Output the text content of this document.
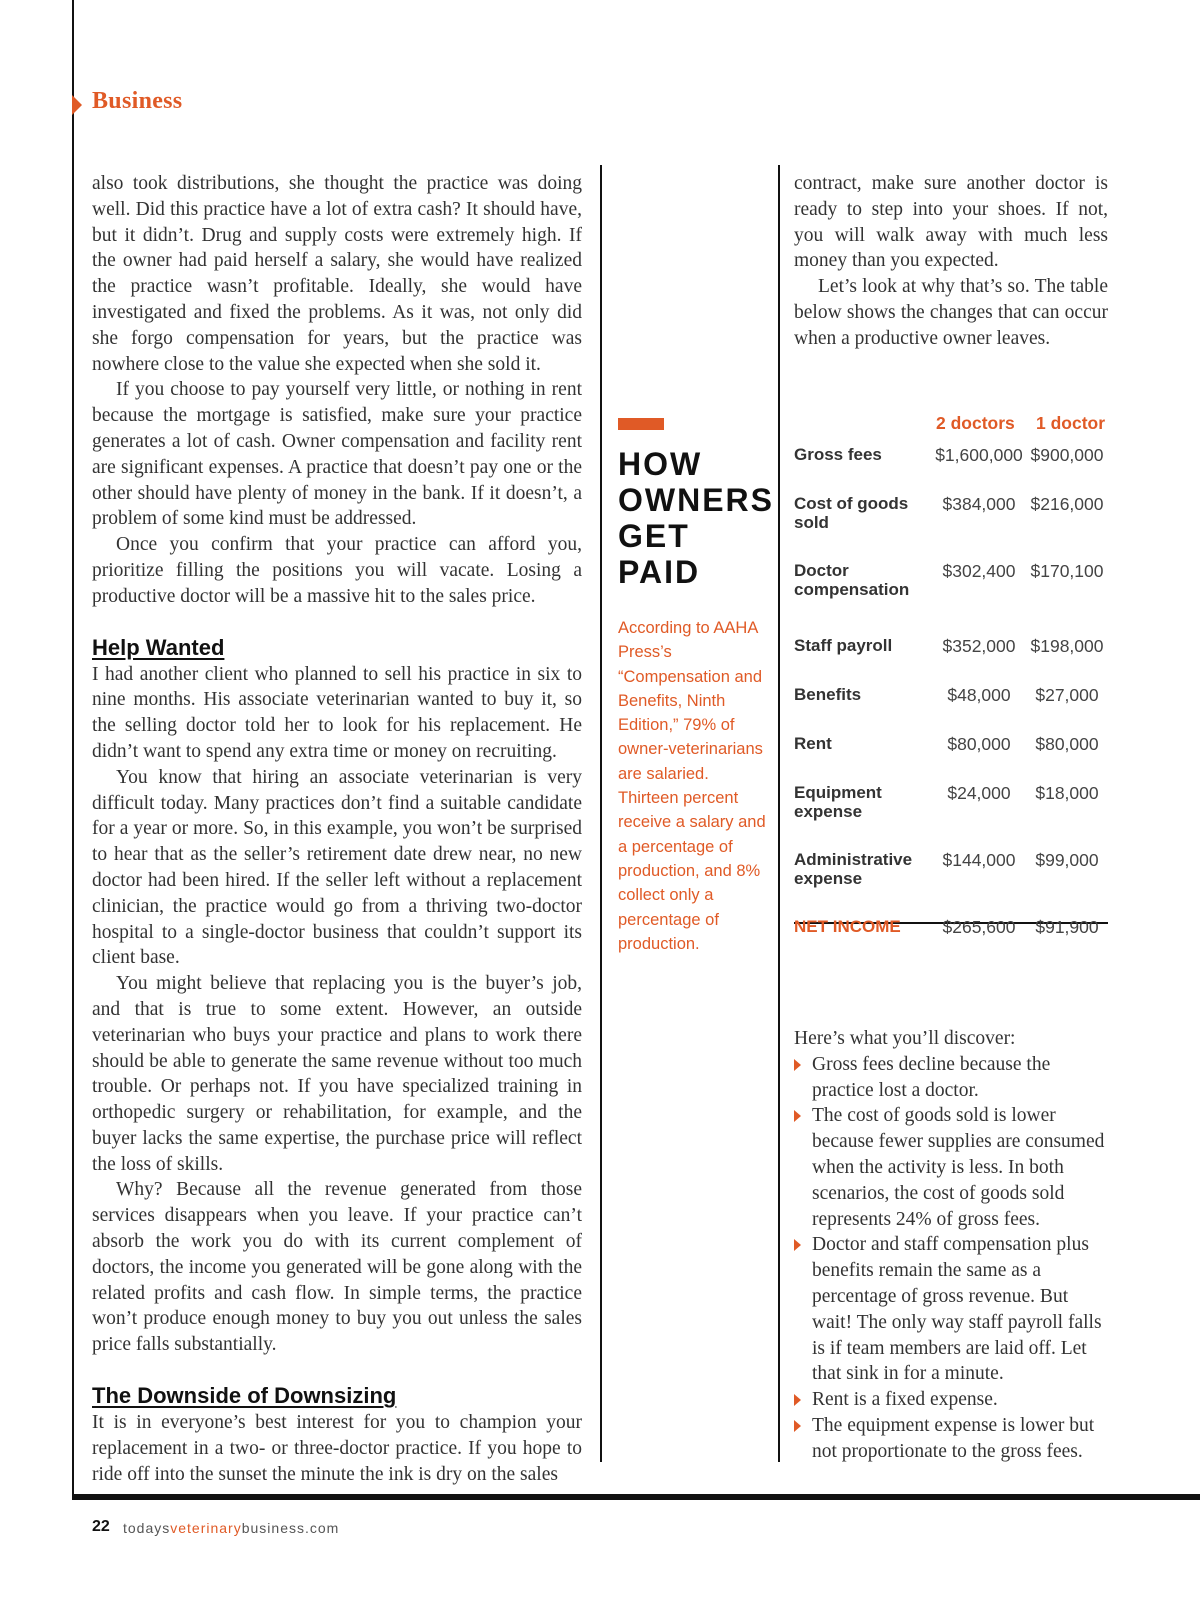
Business

also took distributions, she thought the practice was doing well. Did this practice have a lot of extra cash? It should have, but it didn’t. Drug and supply costs were extremely high. If the owner had paid herself a salary, she would have realized the practice wasn’t profitable. Ideally, she would have investigated and fixed the problems. As it was, not only did she forgo compensation for years, but the practice was nowhere close to the value she expected when she sold it.

If you choose to pay yourself very little, or nothing in rent because the mortgage is satisfied, make sure your practice generates a lot of cash. Owner compensation and facility rent are significant expenses. A practice that doesn’t pay one or the other should have plenty of money in the bank. If it doesn’t, a problem of some kind must be addressed.

Once you confirm that your practice can afford you, prioritize filling the positions you will vacate. Losing a productive doctor will be a massive hit to the sales price.

Help Wanted

I had another client who planned to sell his practice in six to nine months. His associate veterinarian wanted to buy it, so the selling doctor told her to look for his replacement. He didn’t want to spend any extra time or money on recruiting.

You know that hiring an associate veterinarian is very difficult today. Many practices don’t find a suitable candidate for a year or more. So, in this example, you won’t be surprised to hear that as the seller’s retirement date drew near, no new doctor had been hired. If the seller left without a replacement clinician, the practice would go from a thriving two-doctor hospital to a single-doctor business that couldn’t support its client base.

You might believe that replacing you is the buyer’s job, and that is true to some extent. However, an outside veterinarian who buys your practice and plans to work there should be able to generate the same revenue without too much trouble. Or perhaps not. If you have specialized training in orthopedic surgery or rehabilitation, for example, and the buyer lacks the same expertise, the purchase price will reflect the loss of skills.

Why? Because all the revenue generated from those services disappears when you leave. If your practice can’t absorb the work you do with its current complement of doctors, the income you generated will be gone along with the related profits and cash flow. In simple terms, the practice won’t produce enough money to buy you out unless the sales price falls substantially.

The Downside of Downsizing

It is in everyone’s best interest for you to champion your replacement in a two- or three-doctor practice. If you hope to ride off into the sunset the minute the ink is dry on the sales

HOW
OWNERS
GET PAID
According to AAHA Press’s “Compensation and Benefits, Ninth Edition,” 79% of owner-veterinarians are salaried. Thirteen percent receive a salary and a percentage of production, and 8% collect only a percentage of production.

contract, make sure another doctor is ready to step into your shoes. If not, you will walk away with much less money than you expected.

Let’s look at why that’s so. The table below shows the changes that can occur when a productive owner leaves.

2 doctors 1 doctor
Gross fees	$1,600,000 $900,000
Cost of goods sold
$384,000 $216,000
Doctor compensation
$302,400 $170,100
Staff payroll	$352,000 $198,000
Benefits	$48,000	$27,000
Rent	$80,000	$80,000
Equipment expense
$24,000	$18,000
Administrative expense
$144,000	$99,000
NET INCOME	$265,600	$91,900

Here’s what you’ll discover:

Gross fees decline because the practice lost a doctor.
The cost of goods sold is lower because fewer supplies are consumed when the activity is less. In both scenarios, the cost of goods sold represents 24% of gross fees.
Doctor and staff compensation plus benefits remain the same as a percentage of gross revenue. But wait! The only way staff payroll falls is if team members are laid off. Let that sink in for a minute.
Rent is a fixed expense.
The equipment expense is lower but not proportionate to the gross fees.
22 todaysveterinarybusiness.com
